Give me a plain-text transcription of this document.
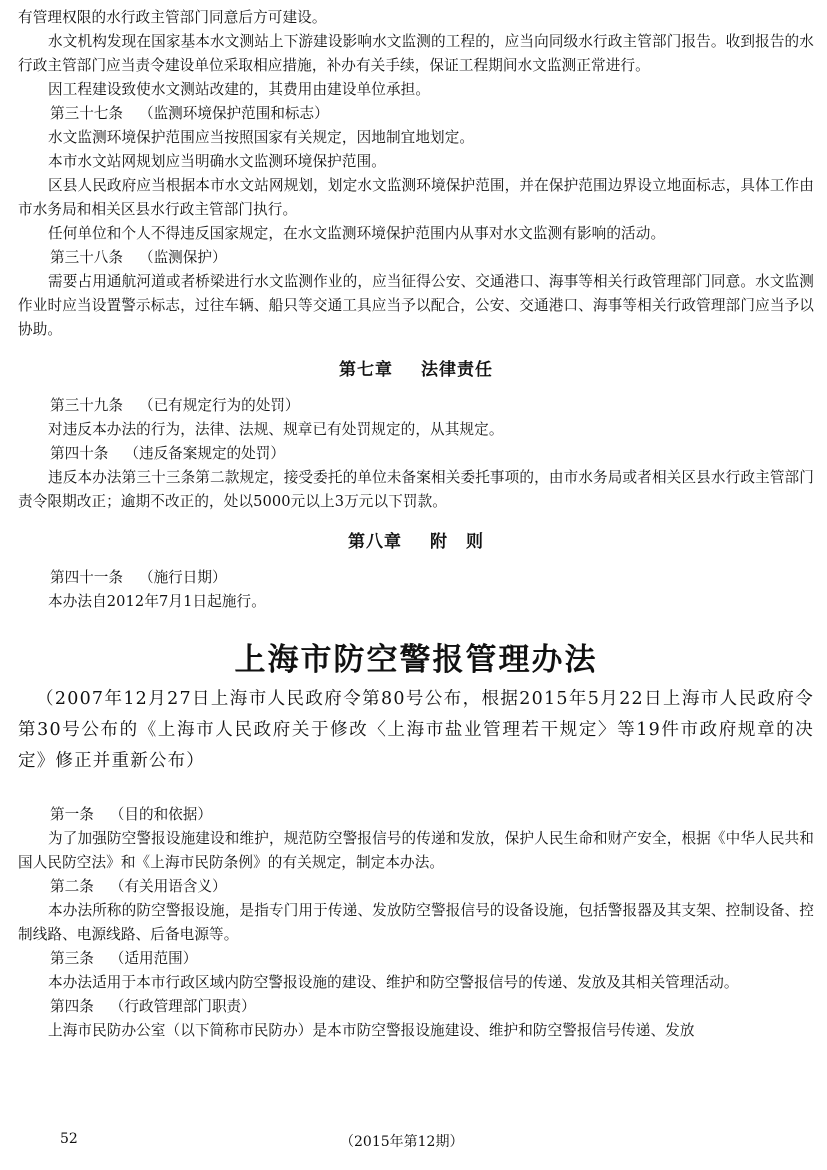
有管理权限的水行政主管部门同意后方可建设。

水文机构发现在国家基本水文测站上下游建设影响水文监测的工程的，应当向同级水行政主管部门报告。收到报告的水行政主管部门应当责令建设单位采取相应措施，补办有关手续，保证工程期间水文监测正常进行。

因工程建设致使水文测站改建的，其费用由建设单位承担。

第三十七条 （监测环境保护范围和标志）

水文监测环境保护范围应当按照国家有关规定，因地制宜地划定。

本市水文站网规划应当明确水文监测环境保护范围。

区县人民政府应当根据本市水文站网规划，划定水文监测环境保护范围，并在保护范围边界设立地面标志，具体工作由市水务局和相关区县水行政主管部门执行。

任何单位和个人不得违反国家规定，在水文监测环境保护范围内从事对水文监测有影响的活动。

第三十八条 （监测保护）

需要占用通航河道或者桥梁进行水文监测作业的，应当征得公安、交通港口、海事等相关行政管理部门同意。水文监测作业时应当设置警示标志，过往车辆、船只等交通工具应当予以配合，公安、交通港口、海事等相关行政管理部门应当予以协助。

第七章 法律责任
第三十九条 （已有规定行为的处罚）

对违反本办法的行为，法律、法规、规章已有处罚规定的，从其规定。

第四十条 （违反备案规定的处罚）

违反本办法第三十三条第二款规定，接受委托的单位未备案相关委托事项的，由市水务局或者相关区县水行政主管部门责令限期改正；逾期不改正的，处以5000元以上3万元以下罚款。

第八章 附　则
第四十一条 （施行日期）

本办法自2012年7月1日起施行。

上海市防空警报管理办法

（2007年12月27日上海市人民政府令第80号公布，根据2015年5月22日上海市人民政府令第30号公布的《上海市人民政府关于修改〈上海市盐业管理若干规定〉等19件市政府规章的决定》修正并重新公布）

第一条 （目的和依据）

为了加强防空警报设施建设和维护，规范防空警报信号的传递和发放，保护人民生命和财产安全，根据《中华人民共和国人民防空法》和《上海市民防条例》的有关规定，制定本办法。

第二条 （有关用语含义）

本办法所称的防空警报设施，是指专门用于传递、发放防空警报信号的设备设施，包括警报器及其支架、控制设备、控制线路、电源线路、后备电源等。

第三条 （适用范围）

本办法适用于本市行政区域内防空警报设施的建设、维护和防空警报信号的传递、发放及其相关管理活动。

第四条 （行政管理部门职责）

上海市民防办公室（以下简称市民防办）是本市防空警报设施建设、维护和防空警报信号传递、发放

52	（2015年第12期）
